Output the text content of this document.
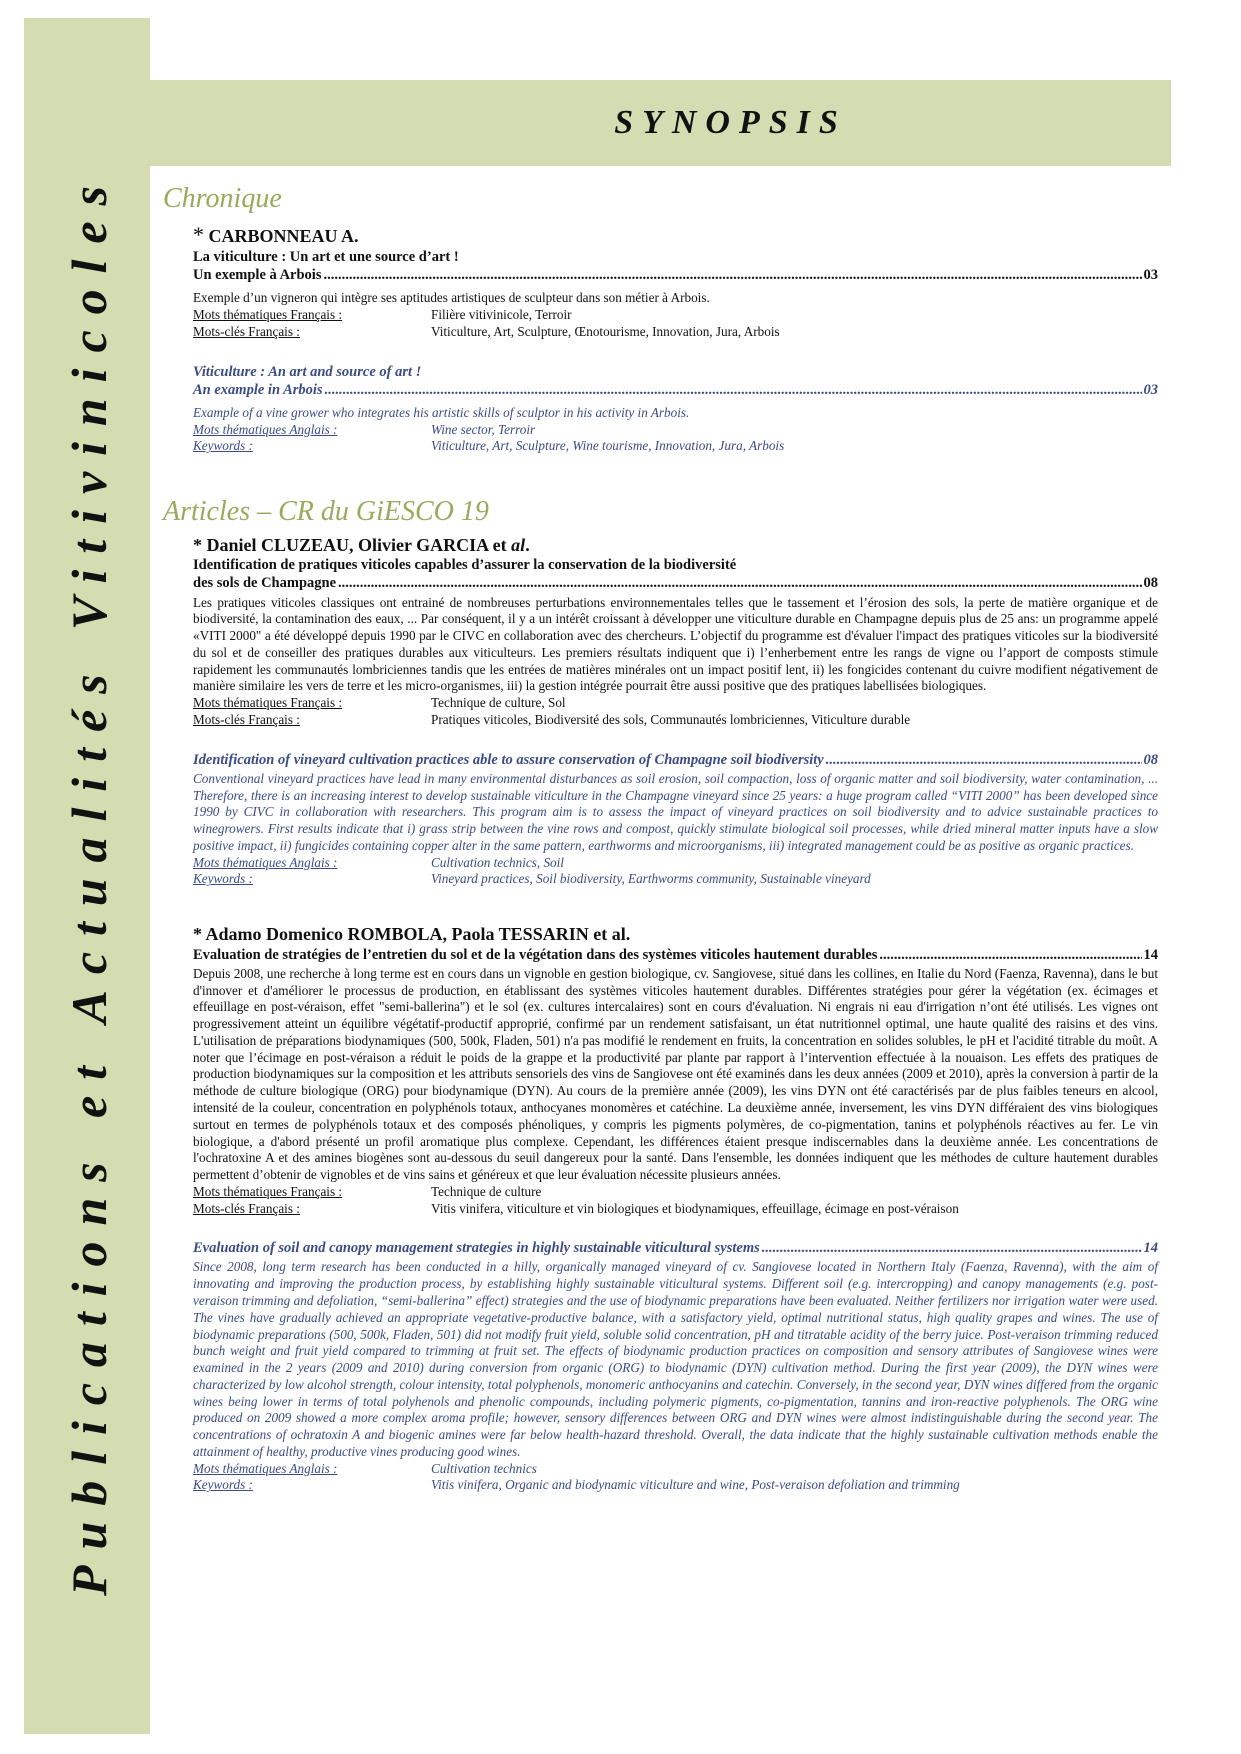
Publications et Actualités Vitivinicoles
SYNOPSIS
Chronique
* CARBONNEAU A.
La viticulture : Un art et une source d’art !
Un exemple à Arbois .....	03
Exemple d’un vigneron qui intègre ses aptitudes artistiques de sculpteur dans son métier à Arbois.
Mots thématiques Français :	Filière vitivinicole, Terroir
Mots-clés Français :	Viticulture, Art, Sculpture, Œnotourisme, Innovation, Jura, Arbois
Viticulture : An art and source of art !
An example in Arbois .....	03
Example of a vine grower who integrates his artistic skills of sculptor in his activity in Arbois.
Mots thématiques Anglais :	Wine sector, Terroir
Keywords :	Viticulture, Art, Sculpture, Wine tourisme, Innovation, Jura, Arbois
Articles – CR du GiESCO 19
* Daniel CLUZEAU, Olivier GARCIA et al.
Identification de pratiques viticoles capables d’assurer la conservation de la biodiversité
des sols de Champagne .....	08
Les pratiques viticoles classiques ont entrainé de nombreuses perturbations environnementales telles que le tassement et l’érosion des sols, la perte de matière organique et de biodiversité, la contamination des eaux, ... Par conséquent, il y a un intérêt croissant à développer une viticulture durable en Champagne depuis plus de 25 ans: un programme appelé «VITI 2000" a été développé depuis 1990 par le CIVC en collaboration avec des chercheurs. L’objectif du programme est d'évaluer l'impact des pratiques viticoles sur la biodiversité du sol et de conseiller des pratiques durables aux viticulteurs. Les premiers résultats indiquent que i) l’enherbement entre les rangs de vigne ou l’apport de composts stimule rapidement les communautés lombriciennes tandis que les entrées de matières minérales ont un impact positif lent, ii) les fongicides contenant du cuivre modifient négativement de manière similaire les vers de terre et les micro-organismes, iii) la gestion intégrée pourrait être aussi positive que des pratiques labellisées biologiques.
Mots thématiques Français :	Technique de culture, Sol
Mots-clés Français :	Pratiques viticoles, Biodiversité des sols, Communautés lombriciennes, Viticulture durable
Identification of vineyard cultivation practices able to assure conservation of Champagne soil biodiversity .....	08
Conventional vineyard practices have lead in many environmental disturbances as soil erosion, soil compaction, loss of organic matter and soil biodiversity, water contamination, ... Therefore, there is an increasing interest to develop sustainable viticulture in the Champagne vineyard since 25 years: a huge program called “VITI 2000” has been developed since 1990 by CIVC in collaboration with researchers. This program aim is to assess the impact of vineyard practices on soil biodiversity and to advice sustainable practices to winegrowers. First results indicate that i) grass strip between the vine rows and compost, quickly stimulate biological soil processes, while dried mineral matter inputs have a slow positive impact, ii) fungicides containing copper alter in the same pattern, earthworms and microorganisms, iii) integrated management could be as positive as organic practices.
Mots thématiques Anglais :	Cultivation technics, Soil
Keywords :	Vineyard practices, Soil biodiversity, Earthworms community, Sustainable vineyard
* Adamo Domenico ROMBOLA, Paola TESSARIN et al.
Evaluation de stratégies de l’entretien du sol et de la végétation dans des systèmes viticoles hautement durables .....	14
Depuis 2008, une recherche à long terme est en cours dans un vignoble en gestion biologique, cv. Sangiovese, situé dans les collines, en Italie du Nord (Faenza, Ravenna), dans le but d'innover et d'améliorer le processus de production, en établissant des systèmes viticoles hautement durables. Différentes stratégies pour gérer la végétation (ex. écimages et effeuillage en post-véraison, effet "semi-ballerina") et le sol (ex. cultures intercalaires) sont en cours d'évaluation. Ni engrais ni eau d'irrigation n’ont été utilisés. Les vignes ont progressivement atteint un équilibre végétatif-productif approprié, confirmé par un rendement satisfaisant, un état nutritionnel optimal, une haute qualité des raisins et des vins. L'utilisation de préparations biodynamiques (500, 500k, Fladen, 501) n'a pas modifié le rendement en fruits, la concentration en solides solubles, le pH et l'acidité titrable du moût. A noter que l’écimage en post-véraison a réduit le poids de la grappe et la productivité par plante par rapport à l’intervention effectuée à la nouaison. Les effets des pratiques de production biodynamiques sur la composition et les attributs sensoriels des vins de Sangiovese ont été examinés dans les deux années (2009 et 2010), après la conversion à partir de la méthode de culture biologique (ORG) pour biodynamique (DYN). Au cours de la première année (2009), les vins DYN ont été caractérisés par de plus faibles teneurs en alcool, intensité de la couleur, concentration en polyphénols totaux, anthocyanes monomères et catéchine. La deuxième année, inversement, les vins DYN différaient des vins biologiques surtout en termes de polyphénols totaux et des composés phénoliques, y compris les pigments polymères, de co-pigmentation, tanins et polyphénols réactives au fer. Le vin biologique, a d'abord présenté un profil aromatique plus complexe. Cependant, les différences étaient presque indiscernables dans la deuxième année. Les concentrations de l'ochratoxine A et des amines biogènes sont au-dessous du seuil dangereux pour la santé. Dans l'ensemble, les données indiquent que les méthodes de culture hautement durables permettent d’obtenir de vignobles et de vins sains et généreux et que leur évaluation nécessite plusieurs années.
Mots thématiques Français :	Technique de culture
Mots-clés Français :	Vitis vinifera, viticulture et vin biologiques et biodynamiques, effeuillage, écimage en post-véraison
Evaluation of soil and canopy management strategies in highly sustainable viticultural systems .....	14
Since 2008, long term research has been conducted in a hilly, organically managed vineyard of cv. Sangiovese located in Northern Italy (Faenza, Ravenna), with the aim of innovating and improving the production process, by establishing highly sustainable viticultural systems. Different soil (e.g. intercropping) and canopy managements (e.g. post-veraison trimming and defoliation, “semi-ballerina” effect) strategies and the use of biodynamic preparations have been evaluated. Neither fertilizers nor irrigation water were used. The vines have gradually achieved an appropriate vegetative-productive balance, with a satisfactory yield, optimal nutritional status, high quality grapes and wines. The use of biodynamic preparations (500, 500k, Fladen, 501) did not modify fruit yield, soluble solid concentration, pH and titratable acidity of the berry juice. Post-veraison trimming reduced bunch weight and fruit yield compared to trimming at fruit set. The effects of biodynamic production practices on composition and sensory attributes of Sangiovese wines were examined in the 2 years (2009 and 2010) during conversion from organic (ORG) to biodynamic (DYN) cultivation method. During the first year (2009), the DYN wines were characterized by low alcohol strength, colour intensity, total polyphenols, monomeric anthocyanins and catechin. Conversely, in the second year, DYN wines differed from the organic wines being lower in terms of total polyhenols and phenolic compounds, including polymeric pigments, co-pigmentation, tannins and iron-reactive polyphenols. The ORG wine produced on 2009 showed a more complex aroma profile; however, sensory differences between ORG and DYN wines were almost indistinguishable during the second year. The concentrations of ochratoxin A and biogenic amines were far below health-hazard threshold. Overall, the data indicate that the highly sustainable cultivation methods enable the attainment of healthy, productive vines producing good wines.
Mots thématiques Anglais :	Cultivation technics
Keywords :	Vitis vinifera, Organic and biodynamic viticulture and wine, Post-veraison defoliation and trimming
